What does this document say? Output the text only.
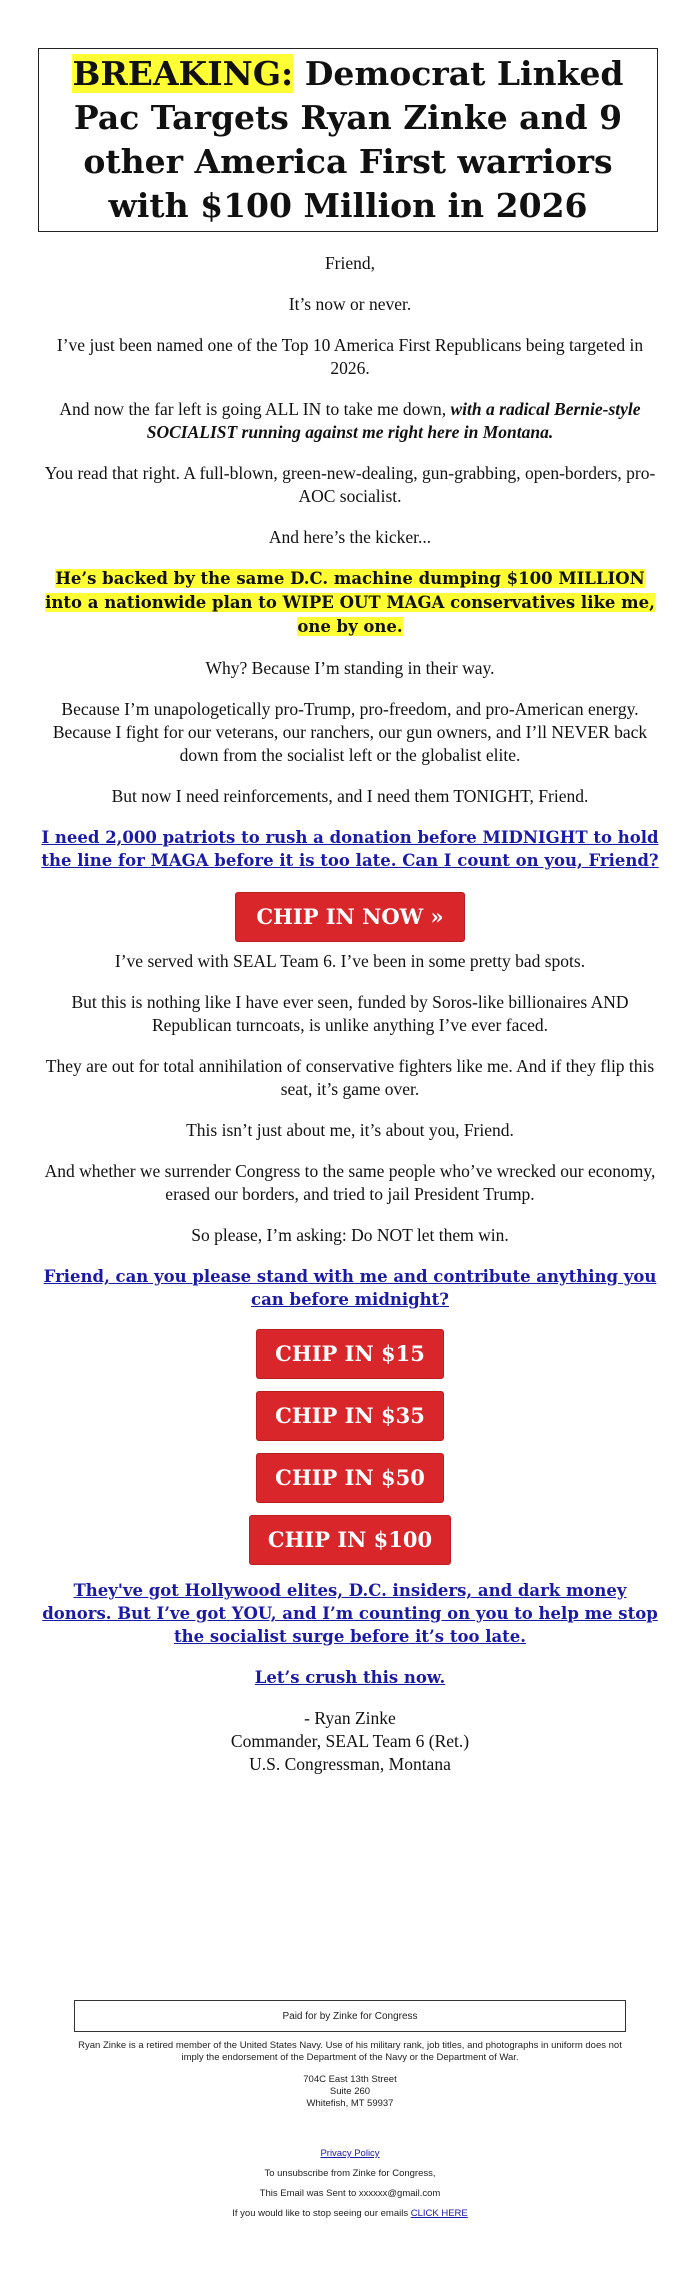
BREAKING: Democrat Linked Pac Targets Ryan Zinke and 9 other America First warriors with $100 Million in 2026

Friend,

It’s now or never.

I’ve just been named one of the Top 10 America First Republicans being targeted in 2026.

And now the far left is going ALL IN to take me down, with a radical Bernie-style SOCIALIST running against me right here in Montana.

You read that right. A full-blown, green-new-dealing, gun-grabbing, open-borders, pro-AOC socialist.

And here’s the kicker...

He’s backed by the same D.C. machine dumping $100 MILLION into a nationwide plan to WIPE OUT MAGA conservatives like me, one by one.

Why? Because I’m standing in their way.

Because I’m unapologetically pro-Trump, pro-freedom, and pro-American energy.

Because I fight for our veterans, our ranchers, our gun owners, and I’ll NEVER back down from the socialist left or the globalist elite.

But now I need reinforcements, and I need them TONIGHT, Friend.

I need 2,000 patriots to rush a donation before MIDNIGHT to hold the line for MAGA before it is too late. Can I count on you, Friend?

CHIP IN NOW »

I’ve served with SEAL Team 6. I’ve been in some pretty bad spots.

But this is nothing like I have ever seen, funded by Soros-like billionaires AND Republican turncoats, is unlike anything I’ve ever faced.

They are out for total annihilation of conservative fighters like me. And if they flip this seat, it’s game over.

This isn’t just about me, it’s about you, Friend.

And whether we surrender Congress to the same people who’ve wrecked our economy, erased our borders, and tried to jail President Trump.

So please, I’m asking: Do NOT let them win.

Friend, can you please stand with me and contribute anything you can before midnight?

CHIP IN $15
CHIP IN $35
CHIP IN $50
CHIP IN $100

They've got Hollywood elites, D.C. insiders, and dark money donors. But I’ve got YOU, and I’m counting on you to help me stop the socialist surge before it’s too late.

Let’s crush this now.

- Ryan Zinke

Commander, SEAL Team 6 (Ret.)

U.S. Congressman, Montana

Paid for by Zinke for Congress

Ryan Zinke is a retired member of the United States Navy. Use of his military rank, job titles, and photographs in uniform does not imply the endorsement of the Department of the Navy or the Department of War.

704C East 13th Street

Suite 260

Whitefish, MT 59937

Privacy Policy

To unsubscribe from Zinke for Congress,

This Email was Sent to xxxxxx@gmail.com

If you would like to stop seeing our emails CLICK HERE
